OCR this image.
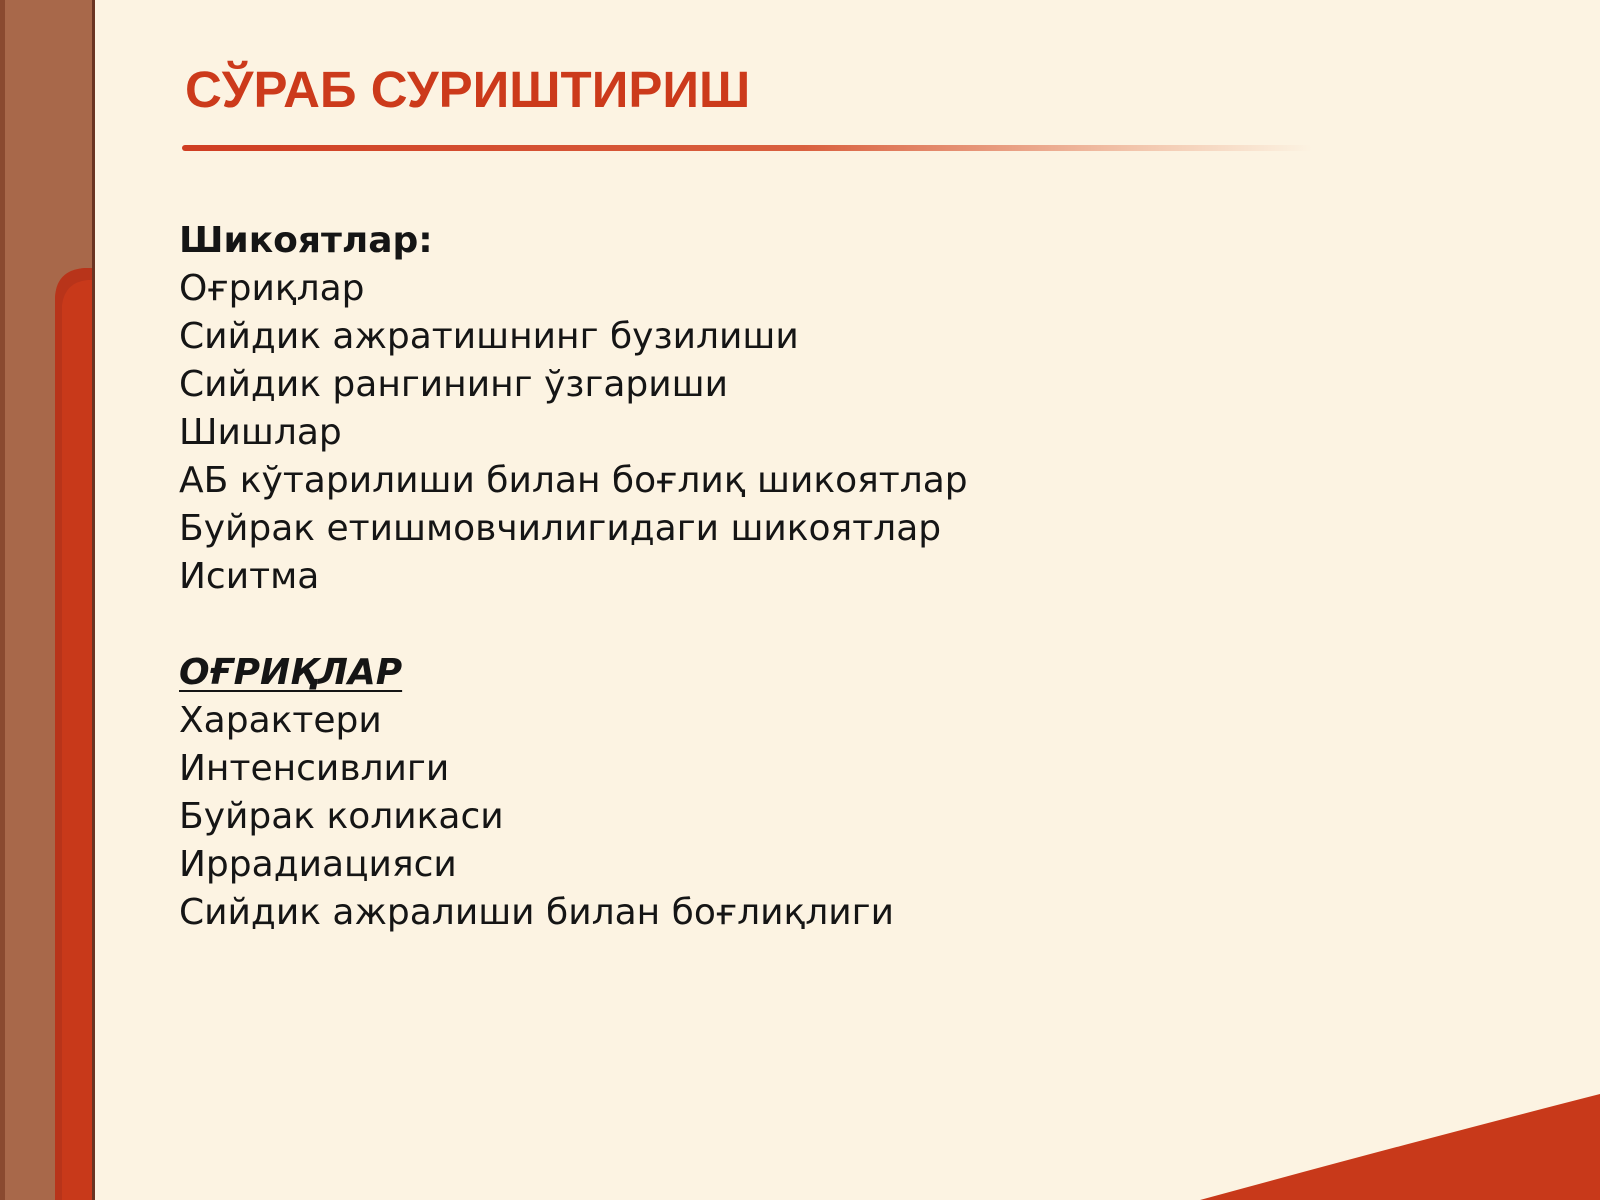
СЎРАБ СУРИШТИРИШ
Шикоятлар:
Оғриқлар
Сийдик ажратишнинг бузилиши
Сийдик рангининг ўзгариши
Шишлар
АБ кўтарилиши билан боғлиқ шикоятлар
Буйрак етишмовчилигидаги шикоятлар
Иситма
ОҒРИҚЛАР
Характери
Интенсивлиги
Буйрак коликаси
Иррадиацияси
Сийдик ажралиши билан боғлиқлиги
